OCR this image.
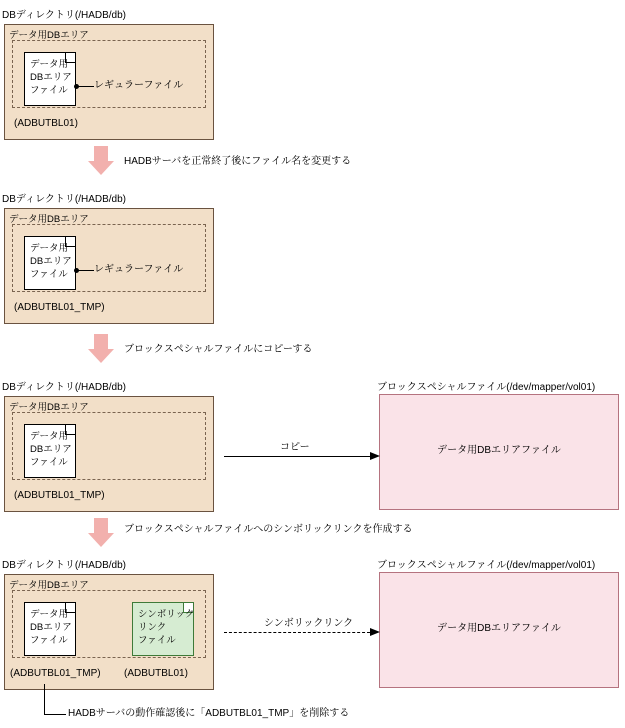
DBディレクトリ(/HADB/db)
データ用DBエリア
データ用
DBエリア
ファイル	レギュラーファイル
(ADBUTBL01)
HADBサーバを正常終了後にファイル名を変更する
DBディレクトリ(/HADB/db)
データ用DBエリア
データ用
DBエリア
ファイル	レギュラーファイル
(ADBUTBL01_TMP)
ブロックスペシャルファイルにコピーする
DBディレクトリ(/HADB/db)
データ用DBエリア
データ用
DBエリア
ファイル
(ADBUTBL01_TMP)
ブロックスペシャルファイル(/dev/mapper/vol01)
データ用DBエリアファイル
コピー
ブロックスペシャルファイルへのシンボリックリンクを作成する
DBディレクトリ(/HADB/db)
データ用DBエリア
データ用
DBエリア
ファイル
シンボリック
リンク
ファイル
(ADBUTBL01_TMP) (ADBUTBL01)
ブロックスペシャルファイル(/dev/mapper/vol01)
データ用DBエリアファイル
シンボリックリンク
HADBサーバの動作確認後に「ADBUTBL01_TMP」を削除する
